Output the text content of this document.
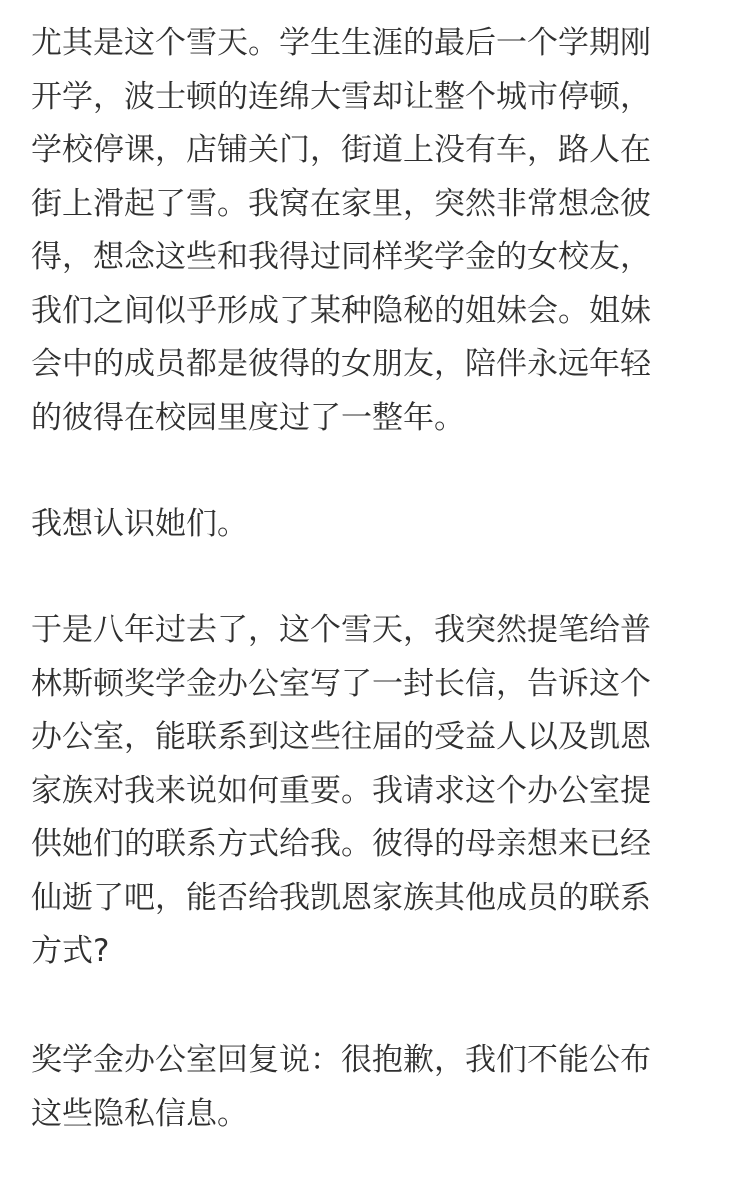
尤其是这个雪天。学生生涯的最后一个学期刚
开学，波士顿的连绵大雪却让整个城市停顿，
学校停课，店铺关门，街道上没有车，路人在
街上滑起了雪。我窝在家里，突然非常想念彼
得，想念这些和我得过同样奖学金的女校友，
我们之间似乎形成了某种隐秘的姐妹会。姐妹
会中的成员都是彼得的女朋友，陪伴永远年轻
的彼得在校园里度过了一整年。
我想认识她们。
于是八年过去了，这个雪天，我突然提笔给普
林斯顿奖学金办公室写了一封长信，告诉这个
办公室，能联系到这些往届的受益人以及凯恩
家族对我来说如何重要。我请求这个办公室提
供她们的联系方式给我。彼得的母亲想来已经
仙逝了吧，能否给我凯恩家族其他成员的联系
方式?
奖学金办公室回复说：很抱歉，我们不能公布
这些隐私信息。
